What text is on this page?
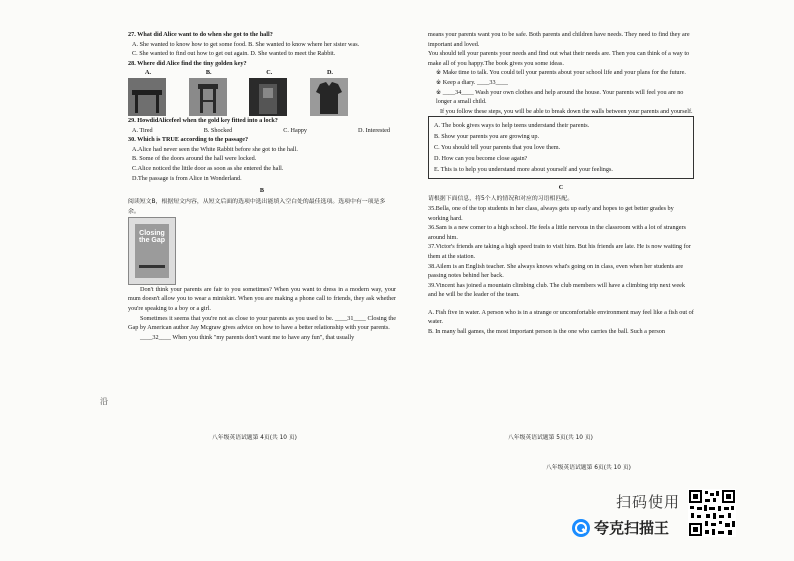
27. What did Alice want to do when she got to the hall?

A. She wanted to know how to get some food. B. She wanted to know where her sister was.

C. She wanted to find out how to get out again. D. She wanted to meet the Rabbit.

28. Where did Alice find the tiny golden key?

A.	B.	C.	D.

29. HowdidAlicefeel when the gold key fitted into a lock?

A. Tired	B. Shocked	C. Happy	D. Interested

30. Which is TRUE according to the passage?

A.Alice had never seen the White Rabbit before she got to the hall.

B. Some of the doors around the hall were locked.

C.Alice noticed the little door as soon as she entered the hall.

D.The passage is from Alice in Wonderland.

B

阅读短文B，根据短文内容，从短文后面的选项中选出能填入空白处的最佳选项。选项中有一项是多余。

Closing the Gap

Don't think your parents are fair to you sometimes? When you want to dress in a modern way, your mum doesn't allow you to wear a miniskirt. When you are making a phone call to friends, they ask whether you're speaking to a boy or a girl.

Sometimes it seems that you're not as close to your parents as you used to be. ____31____ Closing the Gap by American author Jay Mcgraw gives advice on how to have a better relationship with your parents.

____32____ When you think "my parents don't want me to have any fun", that usually

沿

means your parents want you to be safe. Both parents and children have needs. They need to find they are important and loved.

You should tell your parents your needs and find out what their needs are. Then you can think of a way to make all of you happy.The book gives you some ideas.

※ Make time to talk. You could tell your parents about your school life and your plans for the future.

※ Keep a diary. ____33____

※ ____34____ Wash your own clothes and help around the house. Your parents will feel you are no longer a small child.

If you follow these steps, you will be able to break down the walls between your parents and yourself.

A. The book gives ways to help teens understand their parents.
B. Show your parents you are growing up.
C. You should tell your parents that you love them.
D. How can you become close again?
E. This is to help you understand more about yourself and your feelings.

C

请根据下面信息，将5个人的情况和对应的习语相匹配。

35.Bella, one of the top students in her class, always gets up early and hopes to get better grades by working hard.

36.Sam is a new comer to a high school. He feels a little nervous in the classroom with a lot of strangers around him.

37.Victor's friends are taking a high speed train to visit him. But his friends are late. He is now waiting for them at the station.

38.Ailem is an English teacher. She always knows what's going on in class, even when her students are passing notes behind her back.

39.Vincent has joined a mountain climbing club. The club members will have a climbing trip next week and he will be the leader of the team.

A. Fish five in water. A person who is in a strange or uncomfortable environment may feel like a fish out of water.

B. In many ball games, the most important person is the one who carries the ball. Such a person

八年级英语试题第 4页(共 10 页)	八年级英语试题第 5页(共 10 页)
八年级英语试题第 6页(共 10 页)
扫码使用
夸克扫描王
